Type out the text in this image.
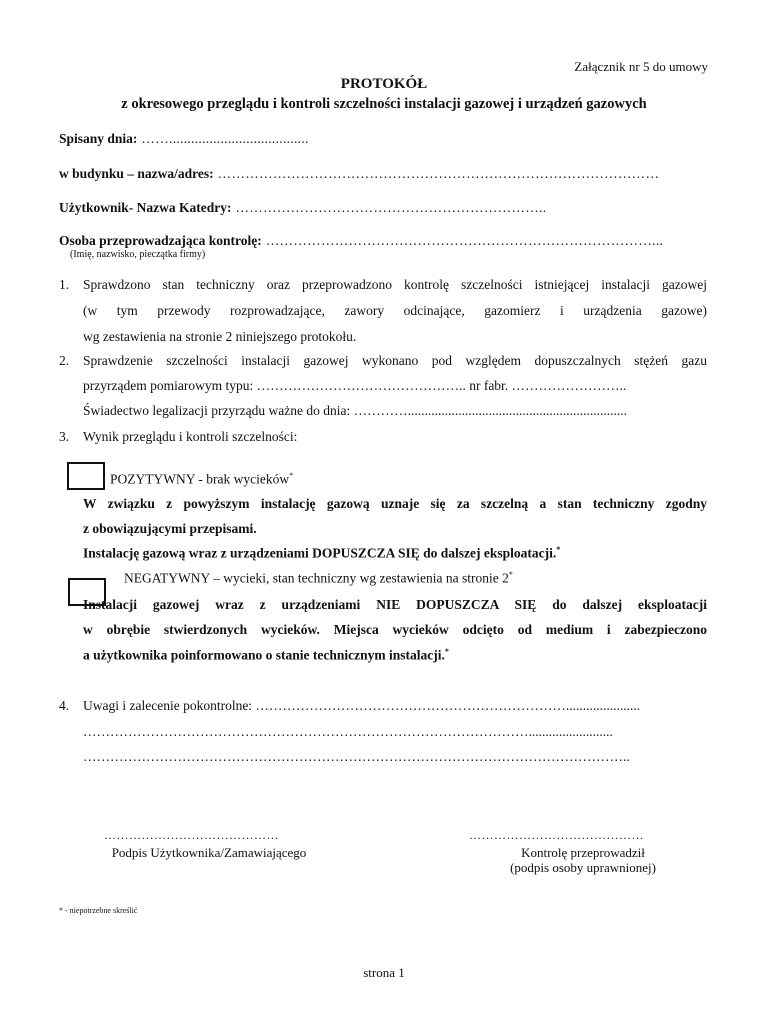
Załącznik nr 5 do umowy
PROTOKÓŁ
z okresowego przeglądu i kontroli szczelności instalacji gazowej i urządzeń gazowych
Spisany dnia: ……......................................
w budynku – nazwa/adres: ……………………………………………………………………………………
Użytkownik- Nazwa Katedry: …………………………………………………………..
Osoba przeprowadzająca kontrolę: …………………………………………………………………………...
(Imię, nazwisko, pieczątka firmy)
1. Sprawdzono stan techniczny oraz przeprowadzono kontrolę szczelności istniejącej instalacji gazowej
(w tym przewody rozprowadzające, zawory odcinające, gazomierz i urządzenia gazowe)
wg zestawienia na stronie 2 niniejszego protokołu.
2. Sprawdzenie szczelności instalacji gazowej wykonano pod względem dopuszczalnych stężeń gazu
przyrządem pomiarowym typu: ……………………………………….. nr fabr. ……………………..
Świadectwo legalizacji przyrządu ważne do dnia: ………….................................................................
3. Wynik przeglądu i kontroli szczelności:
POZYTYWNY - brak wycieków*
W związku z powyższym instalację gazową uznaje się za szczelną a stan techniczny zgodny
z obowiązującymi przepisami.
Instalację gazową wraz z urządzeniami DOPUSZCZA SIĘ do dalszej eksploatacji.*
NEGATYWNY – wycieki, stan techniczny wg zestawienia na stronie 2*
Instalacji gazowej wraz z urządzeniami NIE DOPUSZCZA SIĘ do dalszej eksploatacji
w obrębie stwierdzonych wycieków. Miejsca wycieków odcięto od medium i zabezpieczono
a użytkownika poinformowano o stanie technicznym instalacji.*
4. Uwagi i zalecenie pokontrolne: ……………………………………………………………......................
……………………………………………………………………………………….........................
…………………………………………………………………………………………………………..
……………………………………
Podpis Użytkownika/Zamawiającego
……………………………………
Kontrolę przeprowadził
(podpis osoby uprawnionej)
* - niepotrzebne skreślić
strona 1
